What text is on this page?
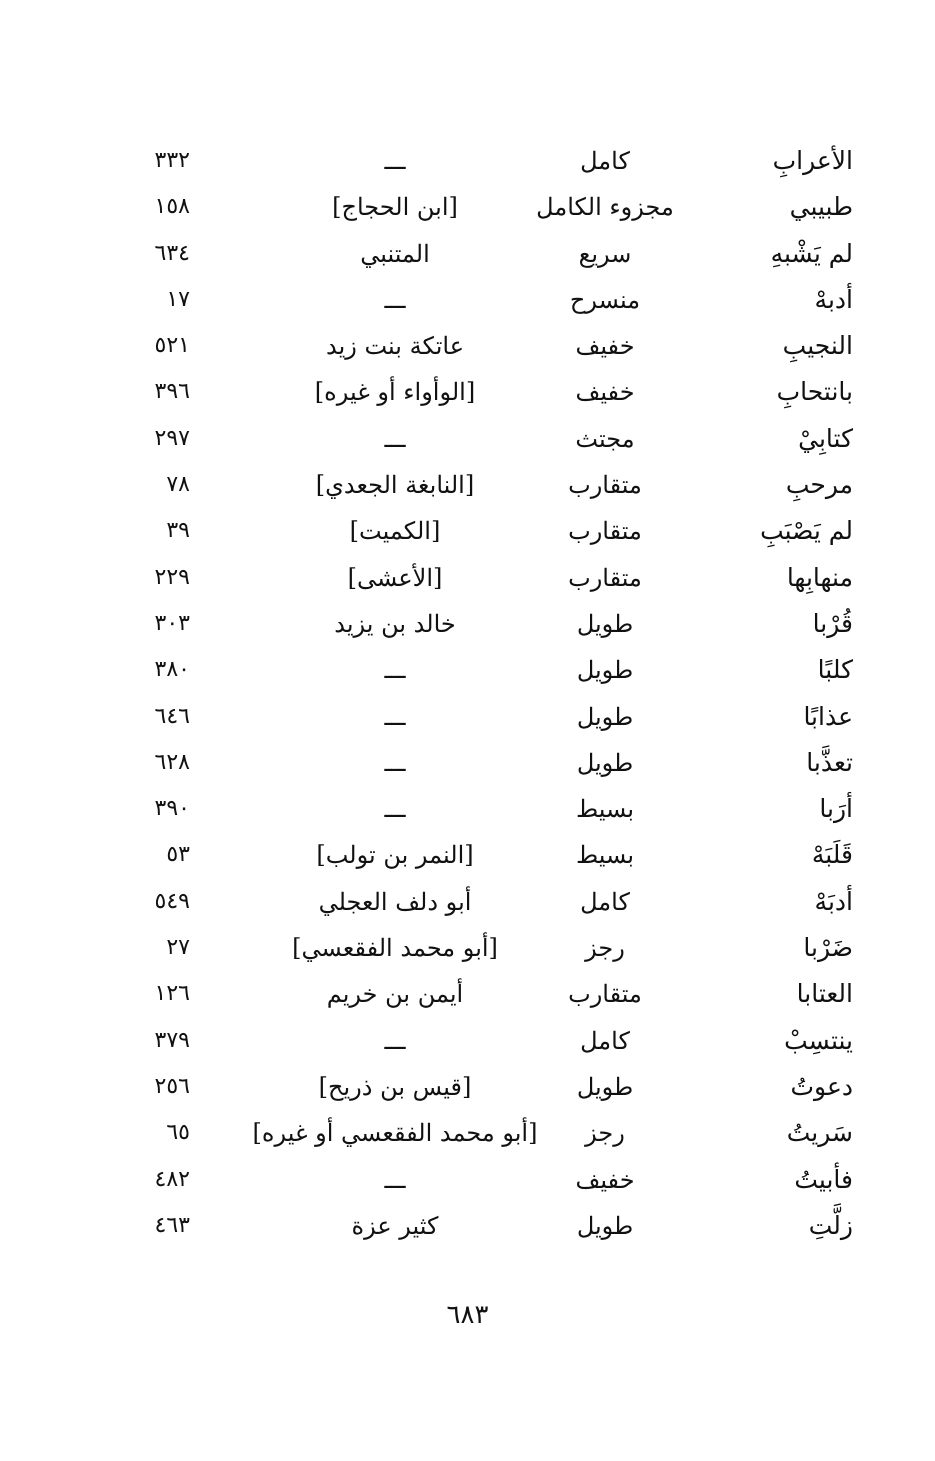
الأعرابِ
كامل
ـــ
٣٣٢
طبيبي
مجزوء الكامل
[ابن الحجاج]
١٥٨
لم يَشْبهِ
سريع
المتنبي
٦٣٤
أدبهْ
منسرح
ـــ
١٧
النجيبِ
خفيف
عاتكة بنت زيد
٥٢١
بانتحابِ
خفيف
[الوأواء أو غيره]
٣٩٦
كتابِيْ
مجتث
ـــ
٢٩٧
مرحبِ
متقارب
[النابغة الجعدي]
٧٨
لم يَصْبَبِ
متقارب
[الكميت]
٣٩
منهابِها
متقارب
[الأعشى]
٢٢٩
قُرْبا
طويل
خالد بن يزيد
٣٠٣
كلبًا
طويل
ـــ
٣٨٠
عذابًا
طويل
ـــ
٦٤٦
تعذَّبا
طويل
ـــ
٦٢٨
أرَبا
بسيط
ـــ
٣٩٠
قَلَبَهْ
بسيط
[النمر بن تولب]
٥٣
أدبَهْ
كامل
أبو دلف العجلي
٥٤٩
ضَرْبا
رجز
[أبو محمد الفقعسي]
٢٧
العتابا
متقارب
أيمن بن خريم
١٢٦
ينتسِبْ
كامل
ـــ
٣٧٩
دعوتُ
طويل
[قيس بن ذريح]
٢٥٦
سَريتُ
رجز
[أبو محمد الفقعسي أو غيره]
٦٥
فأبيتُ
خفيف
ـــ
٤٨٢
زلَّتِ
طويل
كثير عزة
٤٦٣
٦٨٣
